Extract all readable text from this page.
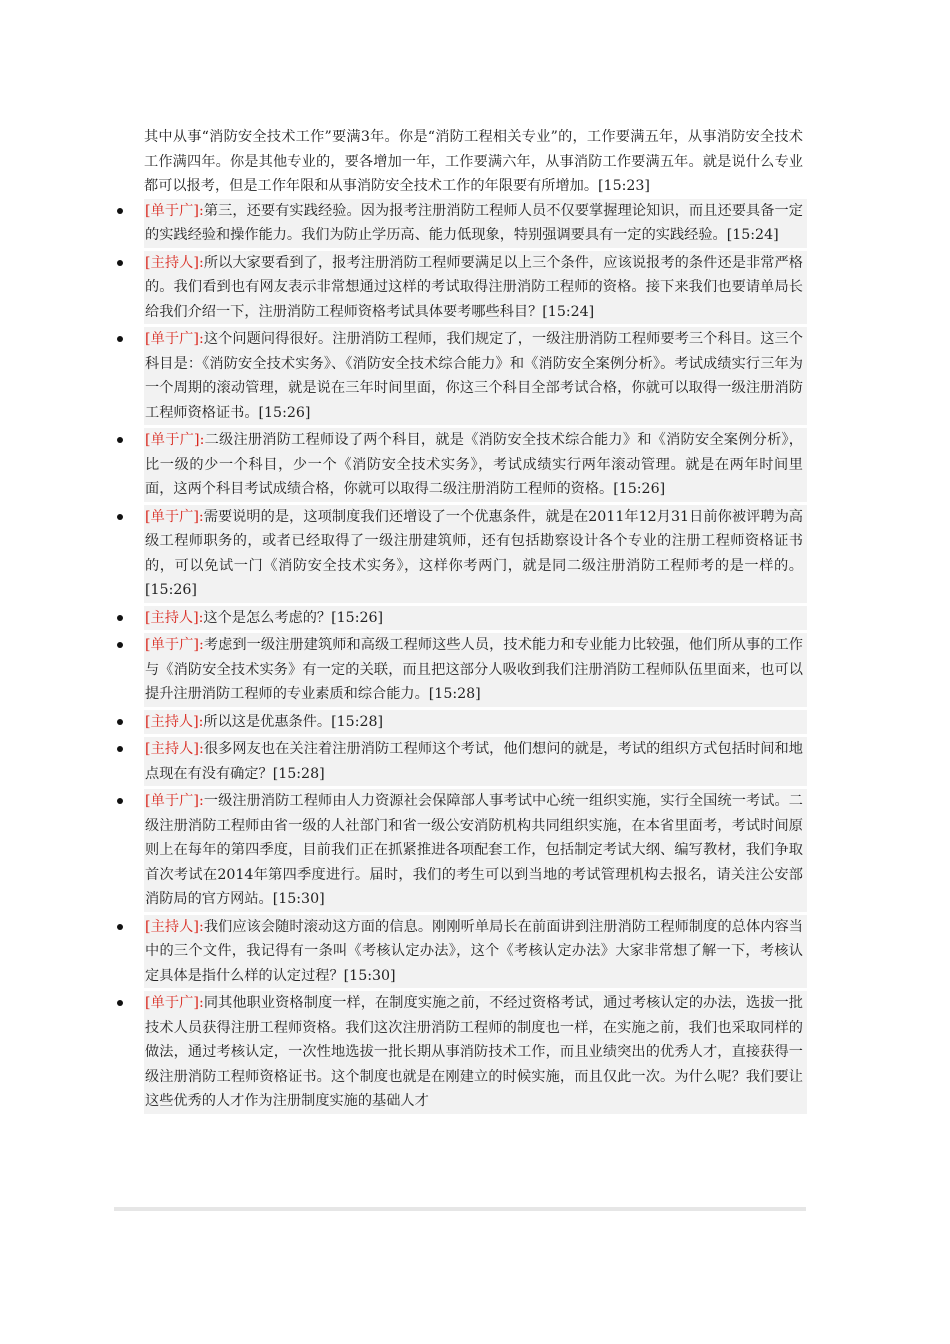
其中从事“消防安全技术工作”要满3年。你是“消防工程相关专业”的，工作要满五年，从事消防安全技术工作满四年。你是其他专业的，要各增加一年，工作要满六年，从事消防工作要满五年。就是说什么专业都可以报考，但是工作年限和从事消防安全技术工作的年限要有所增加。[15:23]
[单于广]:第三，还要有实践经验。因为报考注册消防工程师人员不仅要掌握理论知识，而且还要具备一定的实践经验和操作能力。我们为防止学历高、能力低现象，特别强调要具有一定的实践经验。[15:24]
[主持人]:所以大家要看到了，报考注册消防工程师要满足以上三个条件，应该说报考的条件还是非常严格的。我们看到也有网友表示非常想通过这样的考试取得注册消防工程师的资格。接下来我们也要请单局长给我们介绍一下，注册消防工程师资格考试具体要考哪些科目？[15:24]
[单于广]:这个问题问得很好。注册消防工程师，我们规定了，一级注册消防工程师要考三个科目。这三个科目是：《消防安全技术实务》、《消防安全技术综合能力》和《消防安全案例分析》。考试成绩实行三年为一个周期的滚动管理，就是说在三年时间里面，你这三个科目全部考试合格，你就可以取得一级注册消防工程师资格证书。[15:26]
[单于广]:二级注册消防工程师设了两个科目，就是《消防安全技术综合能力》和《消防安全案例分析》，比一级的少一个科目，少一个《消防安全技术实务》，考试成绩实行两年滚动管理。就是在两年时间里面，这两个科目考试成绩合格，你就可以取得二级注册消防工程师的资格。[15:26]
[单于广]:需要说明的是，这项制度我们还增设了一个优惠条件，就是在2011年12月31日前你被评聘为高级工程师职务的，或者已经取得了一级注册建筑师，还有包括勘察设计各个专业的注册工程师资格证书的，可以免试一门《消防安全技术实务》，这样你考两门，就是同二级注册消防工程师考的是一样的。[15:26]
[主持人]:这个是怎么考虑的？[15:26]
[单于广]:考虑到一级注册建筑师和高级工程师这些人员，技术能力和专业能力比较强，他们所从事的工作与《消防安全技术实务》有一定的关联，而且把这部分人吸收到我们注册消防工程师队伍里面来，也可以提升注册消防工程师的专业素质和综合能力。[15:28]
[主持人]:所以这是优惠条件。[15:28]
[主持人]:很多网友也在关注着注册消防工程师这个考试，他们想问的就是，考试的组织方式包括时间和地点现在有没有确定？[15:28]
[单于广]:一级注册消防工程师由人力资源社会保障部人事考试中心统一组织实施，实行全国统一考试。二级注册消防工程师由省一级的人社部门和省一级公安消防机构共同组织实施，在本省里面考，考试时间原则上在每年的第四季度，目前我们正在抓紧推进各项配套工作，包括制定考试大纲、编写教材，我们争取首次考试在2014年第四季度进行。届时，我们的考生可以到当地的考试管理机构去报名，请关注公安部消防局的官方网站。[15:30]
[主持人]:我们应该会随时滚动这方面的信息。刚刚听单局长在前面讲到注册消防工程师制度的总体内容当中的三个文件，我记得有一条叫《考核认定办法》，这个《考核认定办法》大家非常想了解一下，考核认定具体是指什么样的认定过程？[15:30]
[单于广]:同其他职业资格制度一样，在制度实施之前，不经过资格考试，通过考核认定的办法，选拔一批技术人员获得注册工程师资格。我们这次注册消防工程师的制度也一样，在实施之前，我们也采取同样的做法，通过考核认定，一次性地选拔一批长期从事消防技术工作，而且业绩突出的优秀人才，直接获得一级注册消防工程师资格证书。这个制度也就是在刚建立的时候实施，而且仅此一次。为什么呢？我们要让这些优秀的人才作为注册制度实施的基础人才
